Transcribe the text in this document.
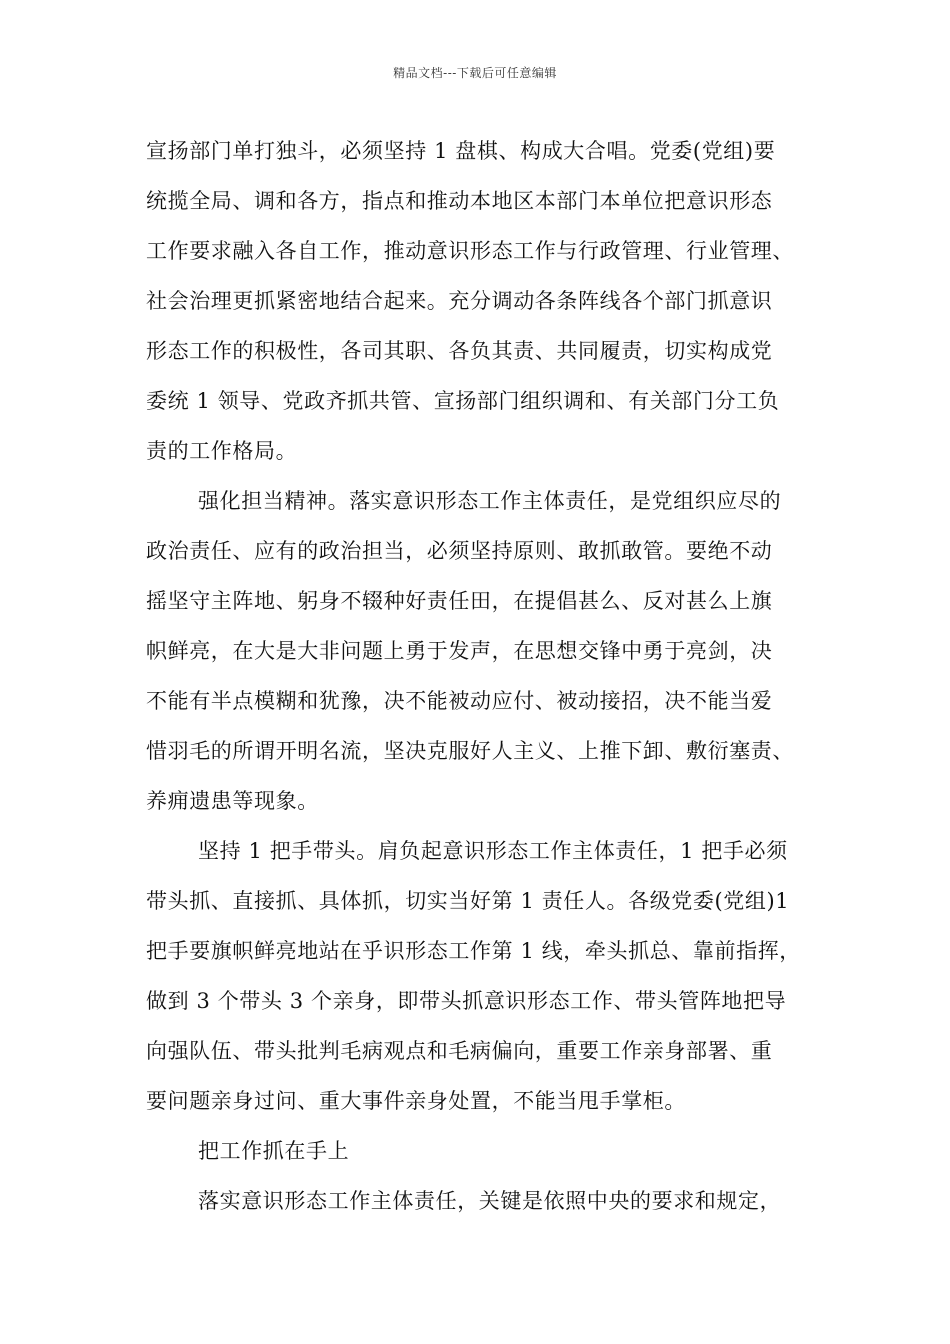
精品文档---下载后可任意编辑
宣扬部门单打独斗，必须坚持 1 盘棋、构成大合唱。党委(党组)要
统揽全局、调和各方，指点和推动本地区本部门本单位把意识形态
工作要求融入各自工作，推动意识形态工作与行政管理、行业管理、
社会治理更抓紧密地结合起来。充分调动各条阵线各个部门抓意识
形态工作的积极性，各司其职、各负其责、共同履责，切实构成党
委统 1 领导、党政齐抓共管、宣扬部门组织调和、有关部门分工负
责的工作格局。
强化担当精神。落实意识形态工作主体责任，是党组织应尽的
政治责任、应有的政治担当，必须坚持原则、敢抓敢管。要绝不动
摇坚守主阵地、躬身不辍种好责任田，在提倡甚么、反对甚么上旗
帜鲜亮，在大是大非问题上勇于发声，在思想交锋中勇于亮剑，决
不能有半点模糊和犹豫，决不能被动应付、被动接招，决不能当爱
惜羽毛的所谓开明名流，坚决克服好人主义、上推下卸、敷衍塞责、
养痈遗患等现象。
坚持 1 把手带头。肩负起意识形态工作主体责任，1 把手必须
带头抓、直接抓、具体抓，切实当好第 1 责任人。各级党委(党组)1
把手要旗帜鲜亮地站在乎识形态工作第 1 线，牵头抓总、靠前指挥，
做到 3 个带头 3 个亲身，即带头抓意识形态工作、带头管阵地把导
向强队伍、带头批判毛病观点和毛病偏向，重要工作亲身部署、重
要问题亲身过问、重大事件亲身处置，不能当甩手掌柜。
把工作抓在手上
落实意识形态工作主体责任，关键是依照中央的要求和规定，
